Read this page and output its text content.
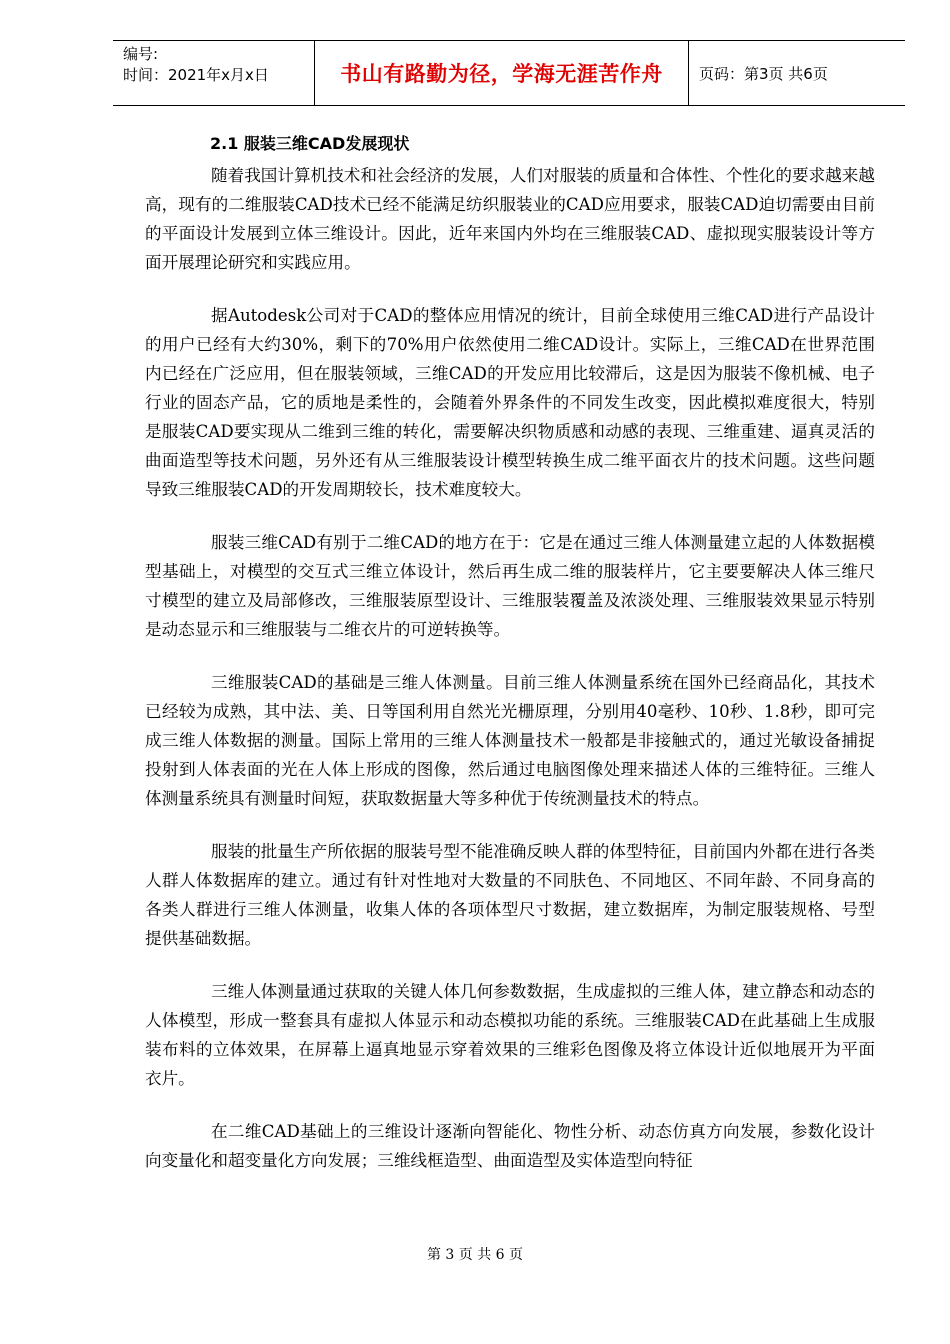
编号:
时间：2021年x月x日	书山有路勤为径，学海无涯苦作舟	页码：第3页 共6页
2.1 服装三维CAD发展现状

随着我国计算机技术和社会经济的发展，人们对服装的质量和合体性、个性化的要求越来越高，现有的二维服装CAD技术已经不能满足纺织服装业的CAD应用要求，服装CAD迫切需要由目前的平面设计发展到立体三维设计。因此，近年来国内外均在三维服装CAD、虚拟现实服装设计等方面开展理论研究和实践应用。

据Autodesk公司对于CAD的整体应用情况的统计，目前全球使用三维CAD进行产品设计的用户已经有大约30%，剩下的70%用户依然使用二维CAD设计。实际上，三维CAD在世界范围内已经在广泛应用，但在服装领域，三维CAD的开发应用比较滞后，这是因为服装不像机械、电子行业的固态产品，它的质地是柔性的，会随着外界条件的不同发生改变，因此模拟难度很大，特别是服装CAD要实现从二维到三维的转化，需要解决织物质感和动感的表现、三维重建、逼真灵活的曲面造型等技术问题，另外还有从三维服装设计模型转换生成二维平面衣片的技术问题。这些问题导致三维服装CAD的开发周期较长，技术难度较大。

服装三维CAD有别于二维CAD的地方在于：它是在通过三维人体测量建立起的人体数据模型基础上，对模型的交互式三维立体设计，然后再生成二维的服装样片，它主要要解决人体三维尺寸模型的建立及局部修改，三维服装原型设计、三维服装覆盖及浓淡处理、三维服装效果显示特别是动态显示和三维服装与二维衣片的可逆转换等。

三维服装CAD的基础是三维人体测量。目前三维人体测量系统在国外已经商品化，其技术已经较为成熟，其中法、美、日等国利用自然光光栅原理，分别用40毫秒、10秒、1.8秒，即可完成三维人体数据的测量。国际上常用的三维人体测量技术一般都是非接触式的，通过光敏设备捕捉投射到人体表面的光在人体上形成的图像，然后通过电脑图像处理来描述人体的三维特征。三维人体测量系统具有测量时间短，获取数据量大等多种优于传统测量技术的特点。

服装的批量生产所依据的服装号型不能准确反映人群的体型特征，目前国内外都在进行各类人群人体数据库的建立。通过有针对性地对大数量的不同肤色、不同地区、不同年龄、不同身高的各类人群进行三维人体测量，收集人体的各项体型尺寸数据，建立数据库，为制定服装规格、号型提供基础数据。

三维人体测量通过获取的关键人体几何参数数据，生成虚拟的三维人体，建立静态和动态的人体模型，形成一整套具有虚拟人体显示和动态模拟功能的系统。三维服装CAD在此基础上生成服装布料的立体效果，在屏幕上逼真地显示穿着效果的三维彩色图像及将立体设计近似地展开为平面衣片。

在二维CAD基础上的三维设计逐渐向智能化、物性分析、动态仿真方向发展，参数化设计向变量化和超变量化方向发展；三维线框造型、曲面造型及实体造型向特征

第 3 页 共 6 页
